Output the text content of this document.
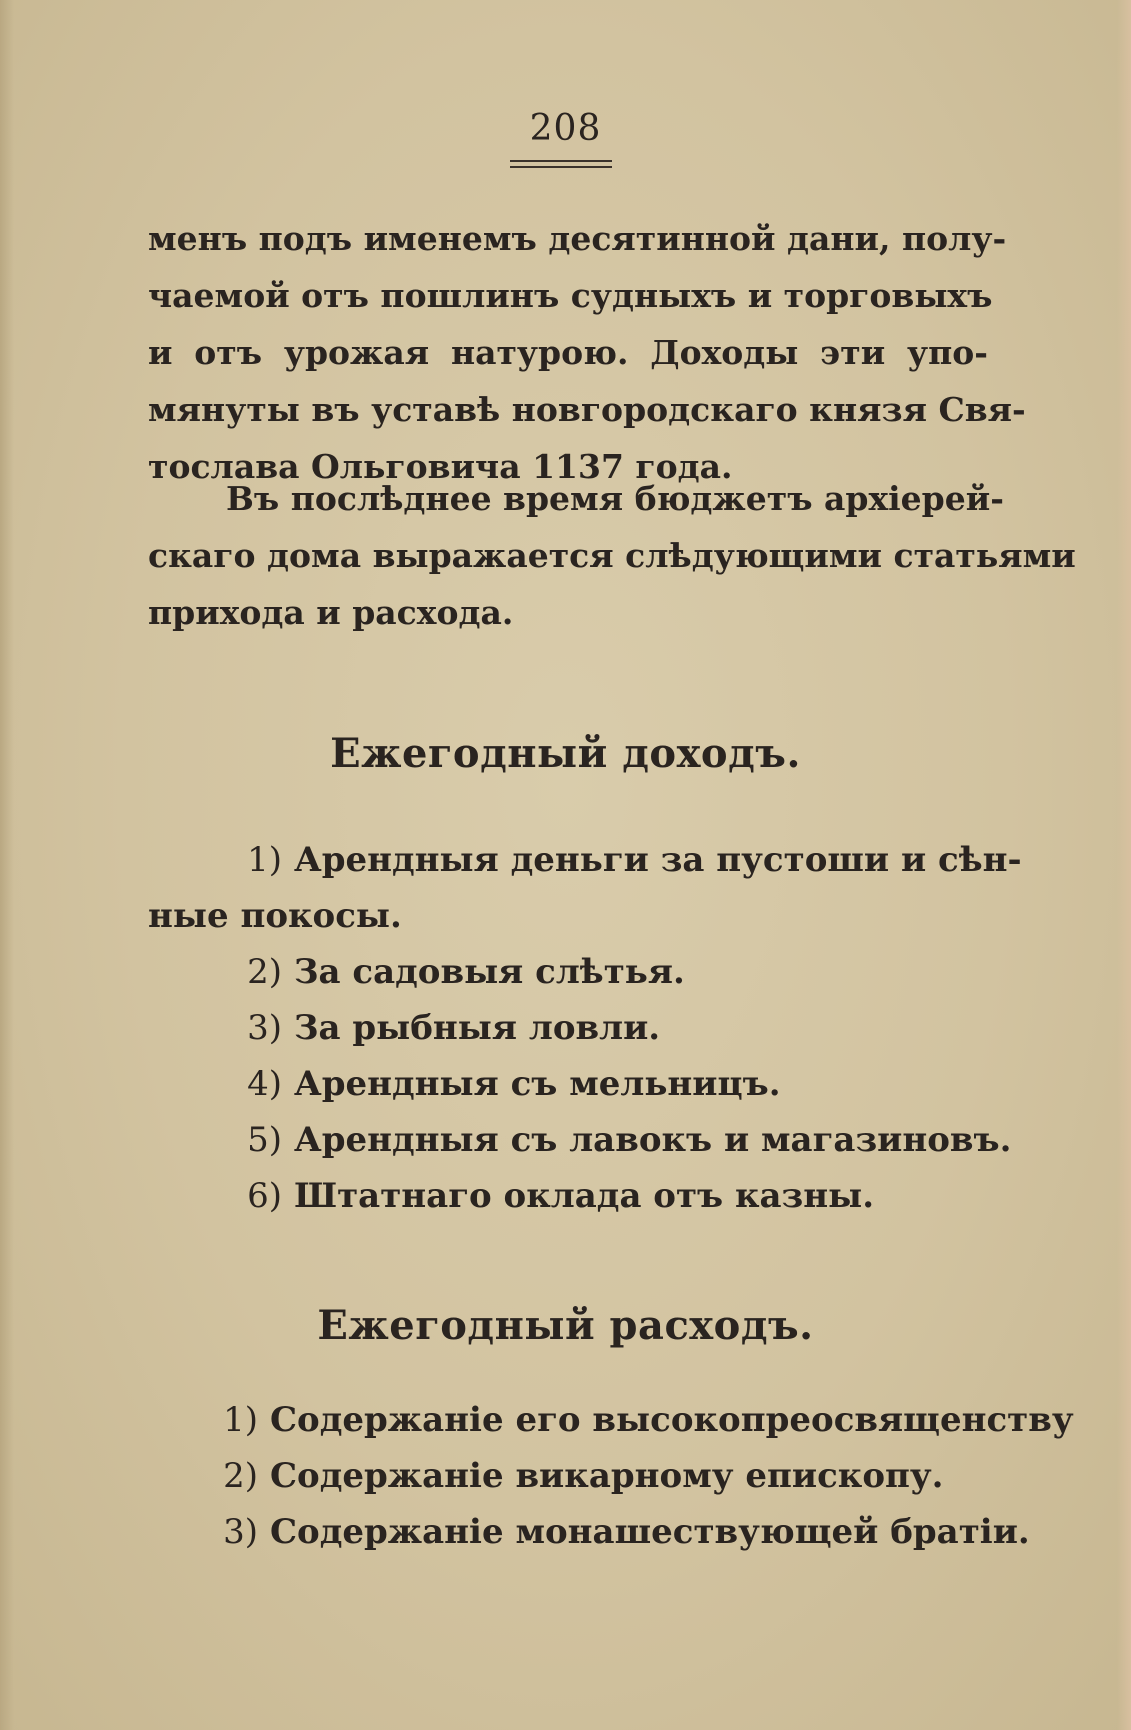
208
менъ подъ именемъ десятинной дани, полу-
чаемой отъ пошлинъ судныхъ и торговыхъ
и отъ урожая натурою. Доходы эти упо-
мянуты въ уставѣ новгородскаго князя Свя-
тослава Ольговича 1137 года.
Въ послѣднее время бюджетъ архіерей-
скаго дома выражается слѣдующими статьями
прихода и расхода.
Ежегодный доходъ.
1) Арендныя деньги за пустоши и сѣн-
ные покосы.
2) За садовыя слѣтья.
3) За рыбныя ловли.
4) Арендныя съ мельницъ.
5) Арендныя съ лавокъ и магазиновъ.
6) Штатнаго оклада отъ казны.
Ежегодный расходъ.
1) Содержаніе его высокопреосвященству
2) Содержаніе викарному епископу.
3) Содержаніе монашествующей братіи.
